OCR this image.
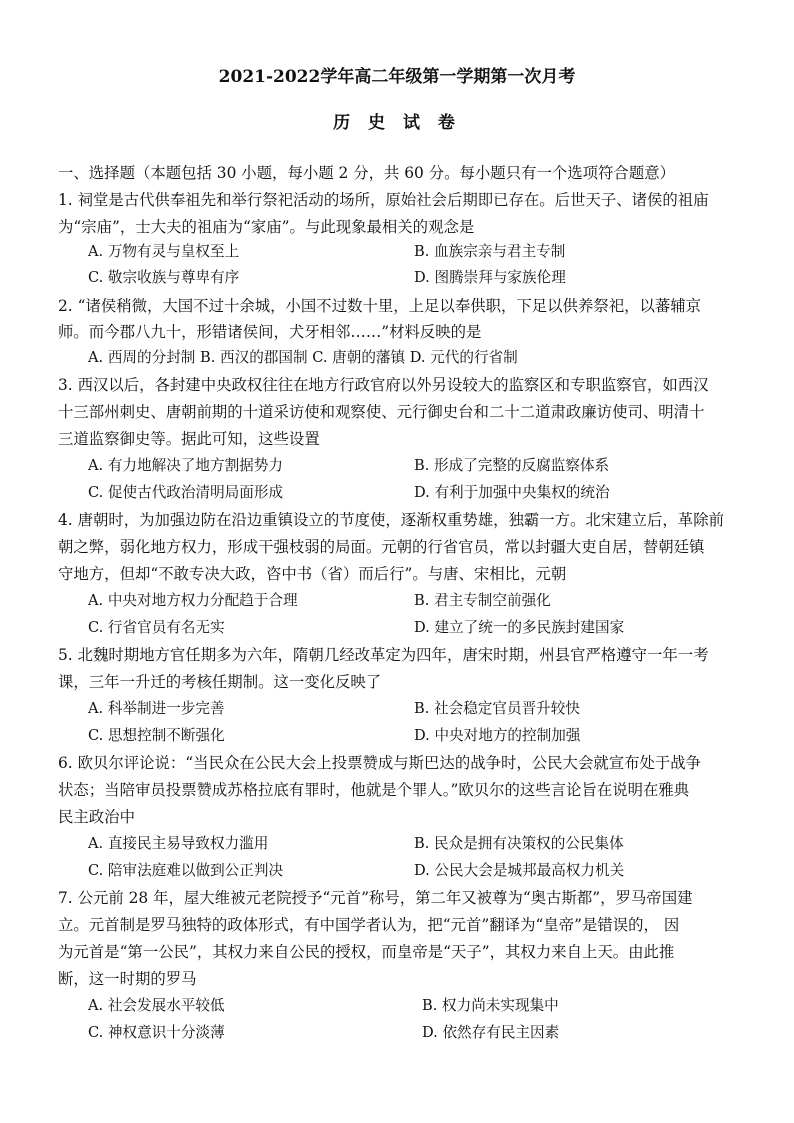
2021-2022学年高二年级第一学期第一次月考
历 史 试 卷
一、选择题（本题包括 30 小题，每小题 2 分，共 60 分。每小题只有一个选项符合题意）
1. 祠堂是古代供奉祖先和举行祭祀活动的场所，原始社会后期即已存在。后世天子、诸侯的祖庙
为“宗庙”，士大夫的祖庙为“家庙”。与此现象最相关的观念是
A. 万物有灵与皇权至上	B. 血族宗亲与君主专制
C. 敬宗收族与尊卑有序	D. 图腾崇拜与家族伦理
2. “诸侯稍微，大国不过十余城，小国不过数十里，上足以奉供职，下足以供养祭祀，以蕃辅京
师。而今郡八九十，形错诸侯间，犬牙相邻……”材料反映的是
A. 西周的分封制 B. 西汉的郡国制 C. 唐朝的藩镇 D. 元代的行省制
3. 西汉以后，各封建中央政权往往在地方行政官府以外另设较大的监察区和专职监察官，如西汉
十三部州刺史、唐朝前期的十道采访使和观察使、元行御史台和二十二道肃政廉访使司、明清十
三道监察御史等。据此可知，这些设置
A. 有力地解决了地方割据势力	B. 形成了完整的反腐监察体系
C. 促使古代政治清明局面形成	D. 有利于加强中央集权的统治
4. 唐朝时，为加强边防在沿边重镇设立的节度使，逐渐权重势雄，独霸一方。北宋建立后，革除前
朝之弊，弱化地方权力，形成干强枝弱的局面。元朝的行省官员，常以封疆大吏自居，替朝廷镇
守地方，但却“不敢专决大政，咨中书（省）而后行”。与唐、宋相比，元朝
A. 中央对地方权力分配趋于合理	B. 君主专制空前强化
C. 行省官员有名无实	D. 建立了统一的多民族封建国家
5. 北魏时期地方官任期多为六年，隋朝几经改革定为四年，唐宋时期，州县官严格遵守一年一考
课，三年一升迁的考核任期制。这一变化反映了
A. 科举制进一步完善	B. 社会稳定官员晋升较快
C. 思想控制不断强化	D. 中央对地方的控制加强
6. 欧贝尔评论说：“当民众在公民大会上投票赞成与斯巴达的战争时，公民大会就宣布处于战争
状态；当陪审员投票赞成苏格拉底有罪时，他就是个罪人。”欧贝尔的这些言论旨在说明在雅典
民主政治中
A. 直接民主易导致权力滥用	B. 民众是拥有决策权的公民集体
C. 陪审法庭难以做到公正判决	D. 公民大会是城邦最高权力机关
7. 公元前 28 年，屋大维被元老院授予“元首”称号，第二年又被尊为“奥古斯都”，罗马帝国建
立。元首制是罗马独特的政体形式，有中国学者认为，把“元首”翻译为“皇帝”是错误的， 因
为元首是“第一公民”，其权力来自公民的授权，而皇帝是“天子”，其权力来自上天。由此推
断，这一时期的罗马
A. 社会发展水平较低	B. 权力尚未实现集中
C. 神权意识十分淡薄	D. 依然存有民主因素
